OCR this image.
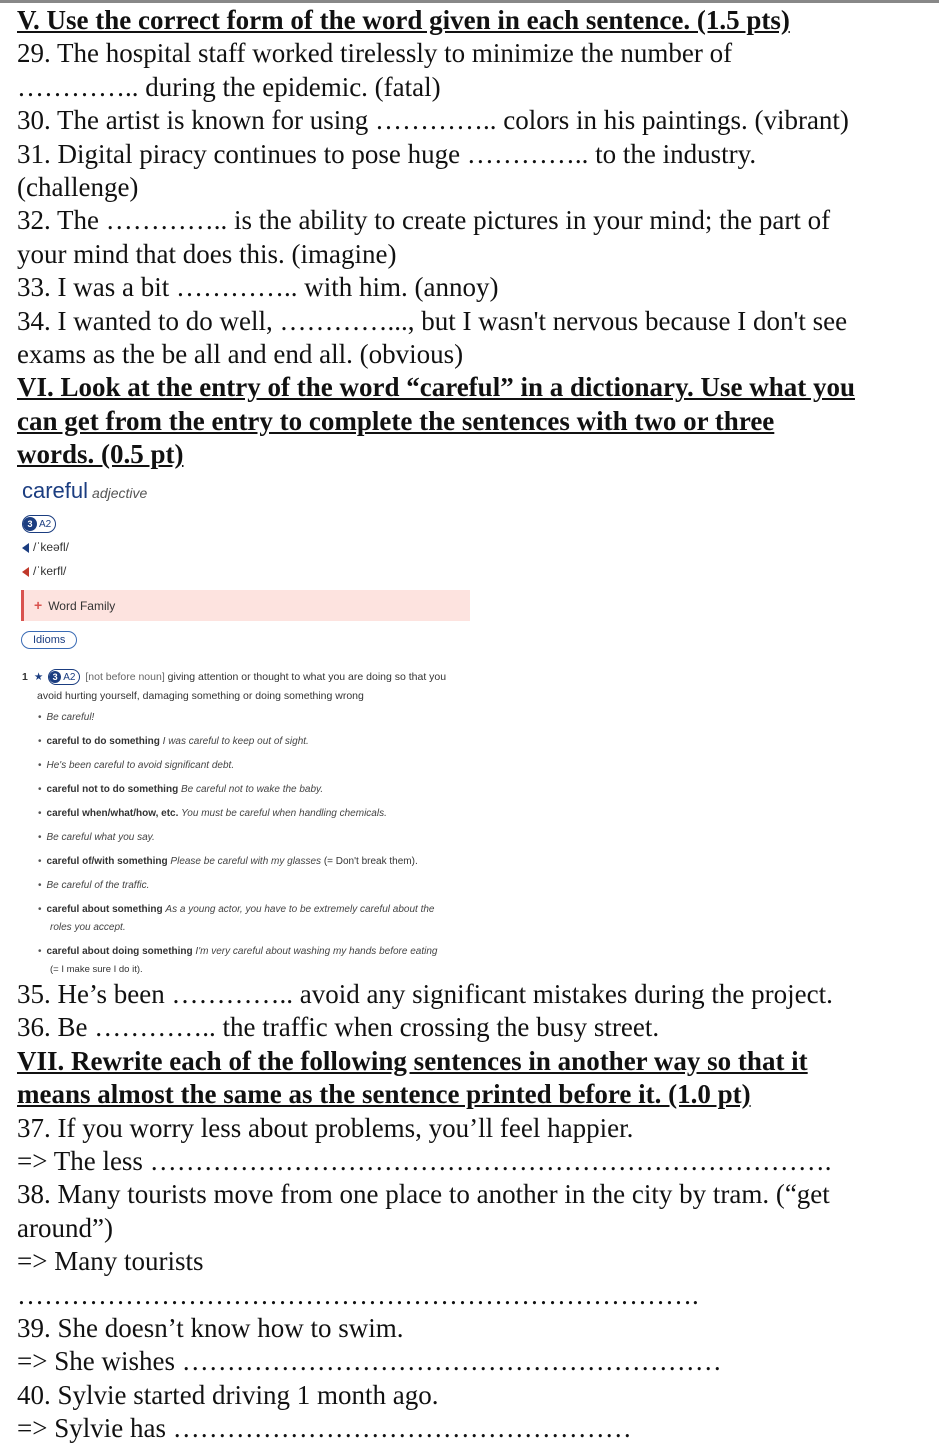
V. Use the correct form of the word given in each sentence. (1.5 pts)

29. The hospital staff worked tirelessly to minimize the number of

………….. during the epidemic. (fatal)

30. The artist is known for using ………….. colors in his paintings. (vibrant)

31. Digital piracy continues to pose huge ………….. to the industry.

(challenge)

32. The ………….. is the ability to create pictures in your mind; the part of

your mind that does this. (imagine)

33. I was a bit ………….. with him. (annoy)

34. I wanted to do well, …………..., but I wasn't nervous because I don't see

exams as the be all and end all. (obvious)

VI. Look at the entry of the word “careful” in a dictionary. Use what you

can get from the entry to complete the sentences with two or three

words. (0.5 pt)

careful adjective
3 A2
/ˈkeəfl/
/ˈkerfl/
+ Word Family
Idioms
1 ★	3 A2 [not before noun] giving attention or thought to what you are doing so that you
avoid hurting yourself, damaging something or doing something wrong
• Be careful!
• careful to do something I was careful to keep out of sight.
• He's been careful to avoid significant debt.
• careful not to do something Be careful not to wake the baby.
• careful when/what/how, etc. You must be careful when handling chemicals.
• Be careful what you say.
• careful of/with something Please be careful with my glasses (= Don't break them).
• Be careful of the traffic.
• careful about something As a young actor, you have to be extremely careful about the
roles you accept.
• careful about doing something I'm very careful about washing my hands before eating
(= I make sure I do it).

35. He’s been ………….. avoid any significant mistakes during the project.

36. Be ………….. the traffic when crossing the busy street.

VII. Rewrite each of the following sentences in another way so that it

means almost the same as the sentence printed before it. (1.0 pt)

37. If you worry less about problems, you’ll feel happier.

=> The less ………………………………………………………………….

38. Many tourists move from one place to another in the city by tram. (“get

around”)

=> Many tourists

………………………………………………………………….

39. She doesn’t know how to swim.

=> She wishes ……………………………………………………

40. Sylvie started driving 1 month ago.

=> Sylvie has ……………………………………………
